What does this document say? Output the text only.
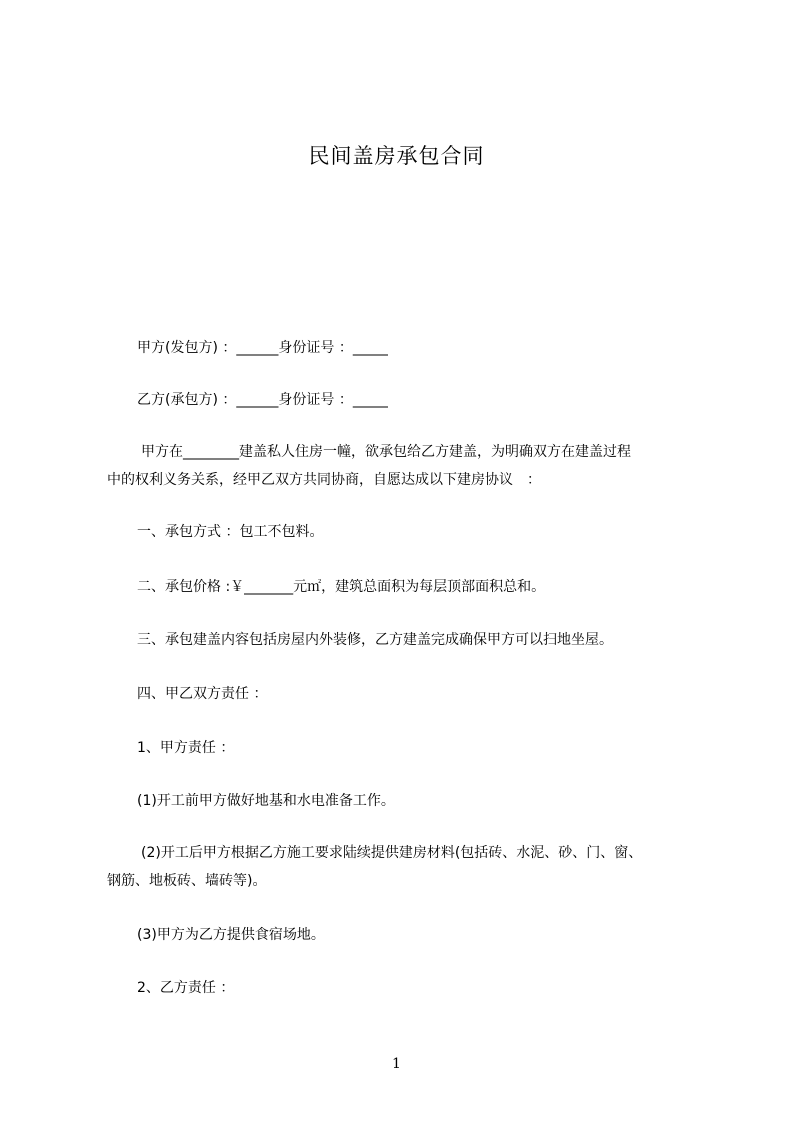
民间盖房承包合同
甲方(发包方) ：______身份证号 ：_____
乙方(承包方) ：______身份证号 ：_____
甲方在________建盖私人住房一幢，欲承包给乙方建盖，为明确双方在建盖过程
中的权利义务关系，经甲乙双方共同协商，自愿达成以下建房协议　：
一、承包方式 ：包工不包料。
二、承包价格 :￥_______元㎡，建筑总面积为每层顶部面积总和。
三、承包建盖内容包括房屋内外装修，乙方建盖完成确保甲方可以扫地坐屋。
四、甲乙双方责任 ：
1、甲方责任 ：
(1)开工前甲方做好地基和水电准备工作。
(2)开工后甲方根据乙方施工要求陆续提供建房材料(包括砖、水泥、砂、门、窗、
钢筋、地板砖、墙砖等)。
(3)甲方为乙方提供食宿场地。
2、乙方责任 ：
1
